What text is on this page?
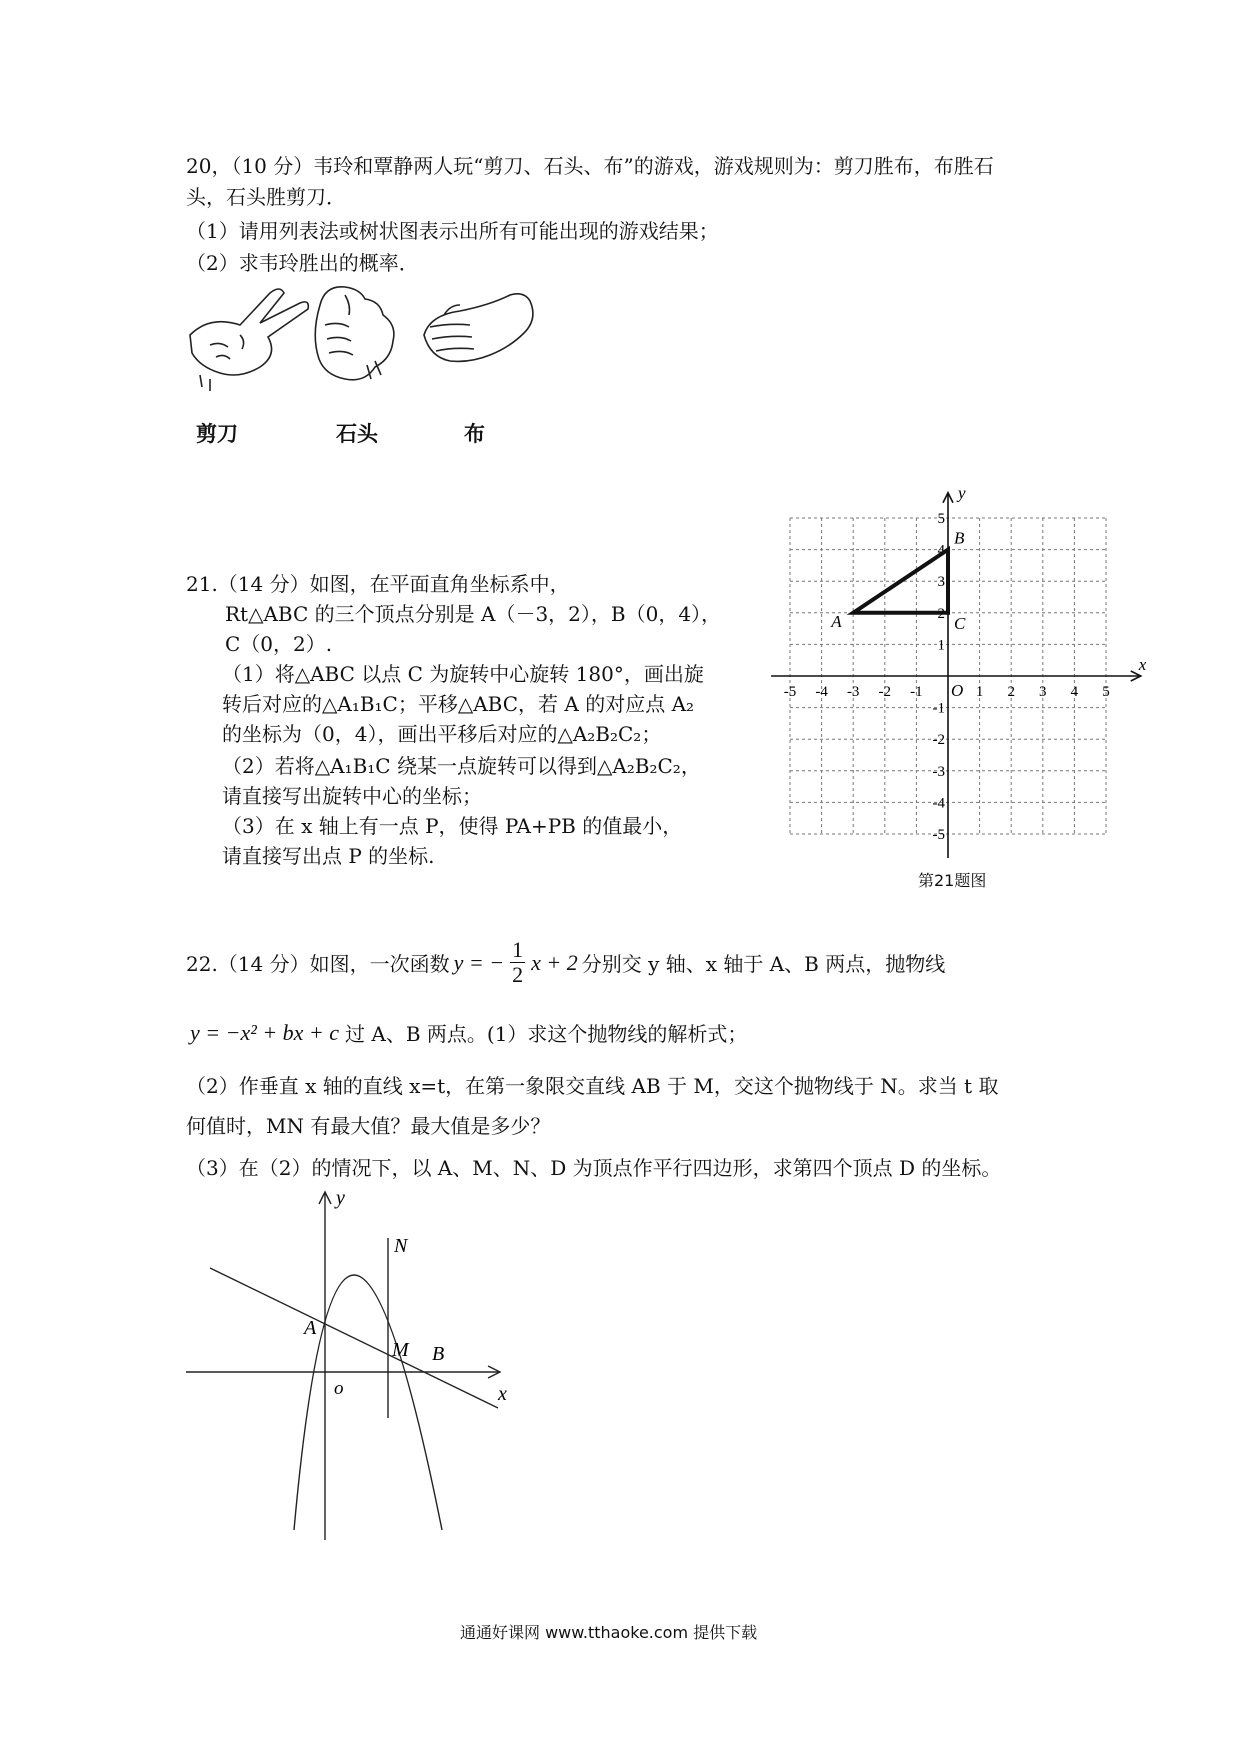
20，（10 分）韦玲和覃静两人玩“剪刀、石头、布”的游戏，游戏规则为：剪刀胜布，布胜石
头，石头胜剪刀．
（1）请用列表法或树状图表示出所有可能出现的游戏结果；
（2）求韦玲胜出的概率．
剪刀	石头	布
21.（14 分）如图，在平面直角坐标系中，
Rt△ABC 的三个顶点分别是 A（－3，2），B（0，4），
C（0，2）.
（1）将△ABC 以点 C 为旋转中心旋转 180°，画出旋
转后对应的△A₁B₁C；平移△ABC，若 A 的对应点 A₂
的坐标为（0，4），画出平移后对应的△A₂B₂C₂；
（2）若将△A₁B₁C 绕某一点旋转可以得到△A₂B₂C₂，
请直接写出旋转中心的坐标；
（3）在 x 轴上有一点 P，使得 PA+PB 的值最小，
请直接写出点 P 的坐标.
x
y
O
-5 -4 -3 -2 -1	1 2 3 4 5
5
4
3
2
1
-1
-2
-3
-4
-5
A
B
C
第21题图
22.（14 分）如图，一次函数 y = − $\frac{1}{2}$ x + 2 分别交 y 轴、x 轴于 A、B 两点，抛物线
y = −x² + bx + c 过 A、B 两点。(1）求这个抛物线的解析式；
（2）作垂直 x 轴的直线 x=t，在第一象限交直线 AB 于 M，交这个抛物线于 N。求当 t 取
何值时，MN 有最大值？最大值是多少？
（3）在（2）的情况下，以 A、M、N、D 为顶点作平行四边形，求第四个顶点 D 的坐标。
y
x
o
A
B
M
N
通通好课网 www.tthaoke.com 提供下载
